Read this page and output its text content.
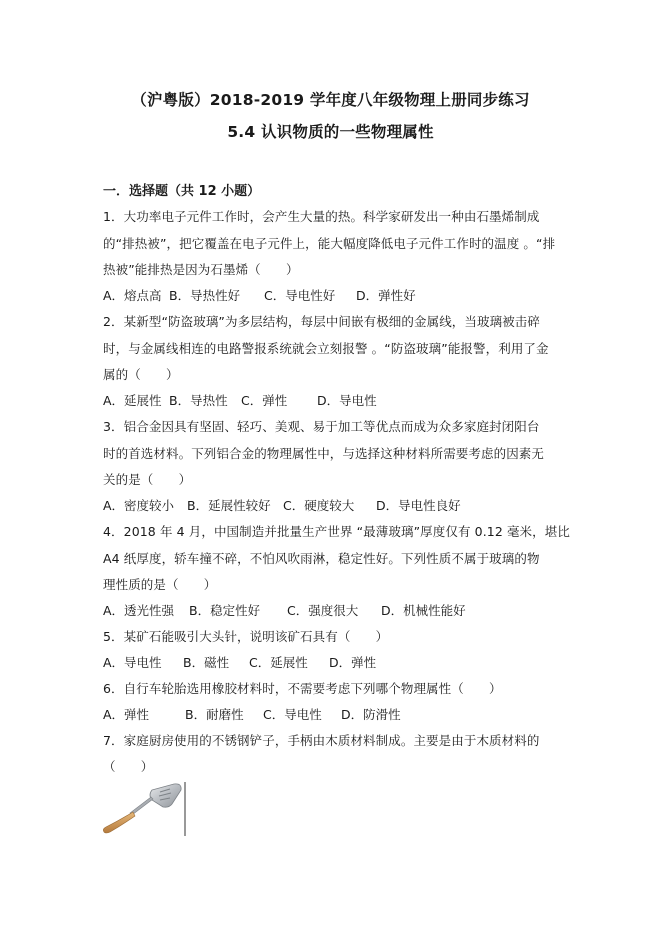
（沪粤版）2018-2019 学年度八年级物理上册同步练习
5.4 认识物质的一些物理属性
一．选择题（共 12 小题）
1．大功率电子元件工作时，会产生大量的热。科学家研发出一种由石墨烯制成
的“排热被”，把它覆盖在电子元件上，能大幅度降低电子元件工作时的温度 。“排
热被”能排热是因为石墨烯（　　）
A．熔点高 B．导热性好 C．导电性好 D．弹性好
2．某新型“防盗玻璃”为多层结构，每层中间嵌有极细的金属线，当玻璃被击碎
时，与金属线相连的电路警报系统就会立刻报警 。“防盗玻璃”能报警，利用了金
属的（　　）
A．延展性 B．导热性 C．弹性 D．导电性
3．铝合金因具有坚固、轻巧、美观、易于加工等优点而成为众多家庭封闭阳台
时的首选材料。下列铝合金的物理属性中，与选择这种材料所需要考虑的因素无
关的是（　　）
A．密度较小 B．延展性较好 C．硬度较大 D．导电性良好
4．2018 年 4 月，中国制造并批量生产世界 “最薄玻璃”厚度仅有 0.12 毫米，堪比
A4 纸厚度，轿车撞不碎，不怕风吹雨淋，稳定性好。下列性质不属于玻璃的物
理性质的是（　　）
A．透光性强 B．稳定性好 C．强度很大 D．机械性能好
5．某矿石能吸引大头针，说明该矿石具有（　　）
A．导电性 B．磁性 C．延展性 D．弹性
6．自行车轮胎选用橡胶材料时，不需要考虑下列哪个物理属性（　　）
A．弹性	B．耐磨性 C．导电性 D．防滑性
7．家庭厨房使用的不锈钢铲子，手柄由木质材料制成。主要是由于木质材料的
（　　）
